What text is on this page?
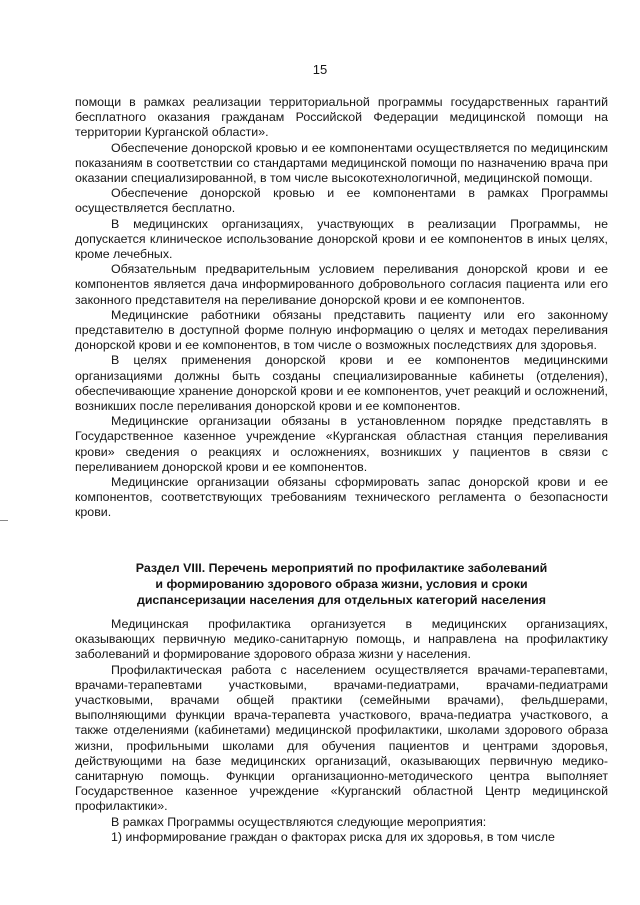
15

помощи в рамках реализации территориальной программы государственных гарантий бесплатного оказания гражданам Российской Федерации медицинской помощи на территории Курганской области».

Обеспечение донорской кровью и ее компонентами осуществляется по медицинским показаниям в соответствии со стандартами медицинской помощи по назначению врача при оказании специализированной, в том числе высокотехнологичной, медицинской помощи.

Обеспечение донорской кровью и ее компонентами в рамках Программы осуществляется бесплатно.

В медицинских организациях, участвующих в реализации Программы, не допускается клиническое использование донорской крови и ее компонентов в иных целях, кроме лечебных.

Обязательным предварительным условием переливания донорской крови и ее компонентов является дача информированного добровольного согласия пациента или его законного представителя на переливание донорской крови и ее компонентов.

Медицинские работники обязаны представить пациенту или его законному представителю в доступной форме полную информацию о целях и методах переливания донорской крови и ее компонентов, в том числе о возможных последствиях для здоровья.

В целях применения донорской крови и ее компонентов медицинскими организациями должны быть созданы специализированные кабинеты (отделения), обеспечивающие хранение донорской крови и ее компонентов, учет реакций и осложнений, возникших после переливания донорской крови и ее компонентов.

Медицинские организации обязаны в установленном порядке представлять в Государственное казенное учреждение «Курганская областная станция переливания крови» сведения о реакциях и осложнениях, возникших у пациентов в связи с переливанием донорской крови и ее компонентов.

Медицинские организации обязаны сформировать запас донорской крови и ее компонентов, соответствующих требованиям технического регламента о безопасности крови.

Раздел VIII. Перечень мероприятий по профилактике заболеваний
и формированию здорового образа жизни, условия и сроки
диспансеризации населения для отдельных категорий населения

Медицинская профилактика организуется в медицинских организациях, оказывающих первичную медико-санитарную помощь, и направлена на профилактику заболеваний и формирование здорового образа жизни у населения.

Профилактическая работа с населением осуществляется врачами-терапевтами, врачами-терапевтами участковыми, врачами-педиатрами, врачами-педиатрами участковыми, врачами общей практики (семейными врачами), фельдшерами, выполняющими функции врача-терапевта участкового, врача-педиатра участкового, а также отделениями (кабинетами) медицинской профилактики, школами здорового образа жизни, профильными школами для обучения пациентов и центрами здоровья, действующими на базе медицинских организаций, оказывающих первичную медико-санитарную помощь. Функции организационно-методического центра выполняет Государственное казенное учреждение «Курганский областной Центр медицинской профилактики».

В рамках Программы осуществляются следующие мероприятия:

1) информирование граждан о факторах риска для их здоровья, в том числе
